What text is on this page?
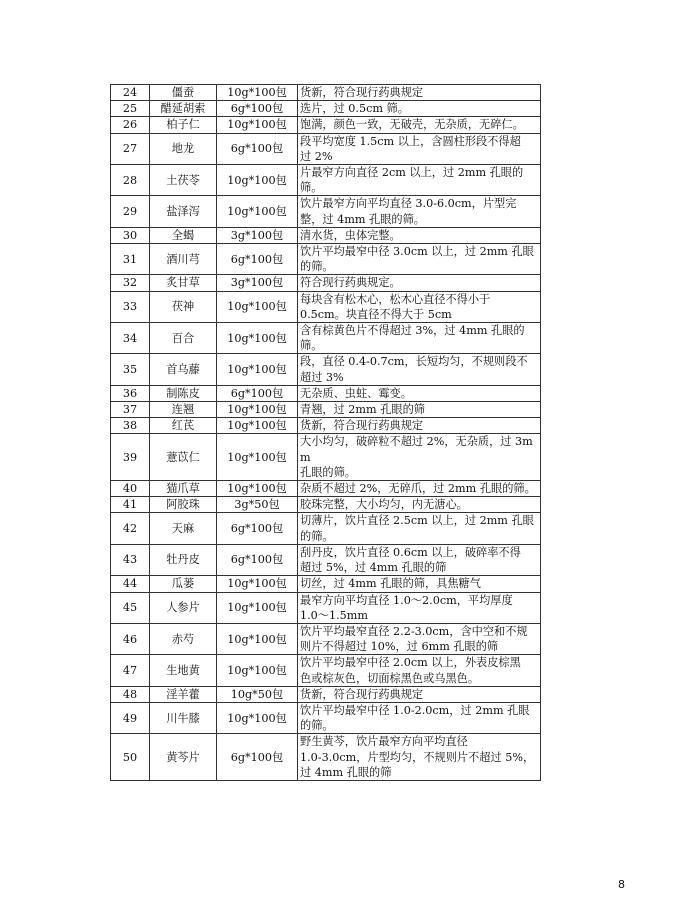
24	僵蚕	10g*100包	货新，符合现行药典规定
25	醋延胡索	6g*100包	选片，过 0.5cm 筛。
26	柏子仁	10g*100包	饱满，颜色一致，无破壳，无杂质，无碎仁。
27	地龙	6g*100包	段平均宽度 1.5cm 以上，含圆柱形段不得超
过 2%
28	土茯苓	10g*100包	片最窄方向直径 2cm 以上，过 2mm 孔眼的
筛。
29	盐泽泻	10g*100包	饮片最窄方向平均直径 3.0-6.0cm，片型完
整，过 4mm 孔眼的筛。
30	全蝎	3g*100包	清水货，虫体完整。
31	酒川芎	6g*100包	饮片平均最窄中径 3.0cm 以上，过 2mm 孔眼
的筛。
32	炙甘草	3g*100包	符合现行药典规定。
33	茯神	10g*100包	每块含有松木心，松木心直径不得小于
0.5cm。块直径不得大于 5cm
34	百合	10g*100包	含有棕黄色片不得超过 3%，过 4mm 孔眼的
筛。
35	首乌藤	10g*100包	段，直径 0.4-0.7cm，长短均匀，不规则段不
超过 3%
36	制陈皮	6g*100包	无杂质、虫蛀、霉变。
37	连翘	10g*100包	青翘，过 2mm 孔眼的筛
38	红芪	10g*100包	货新，符合现行药典规定
39	薏苡仁	10g*100包	大小均匀，破碎粒不超过 2%，无杂质，过 3mm
孔眼的筛。
40	猫爪草	10g*100包	杂质不超过 2%，无碎爪，过 2mm 孔眼的筛。
41	阿胶珠	3g*50包	胶珠完整，大小均匀，内无溏心。
42	天麻	6g*100包	切薄片，饮片直径 2.5cm 以上，过 2mm 孔眼
的筛。
43	牡丹皮	6g*100包	刮丹皮，饮片直径 0.6cm 以上，破碎率不得
超过 5%，过 4mm 孔眼的筛
44	瓜蒌	10g*100包	切丝，过 4mm 孔眼的筛，具焦糖气
45	人参片	10g*100包	最窄方向平均直径 1.0～2.0cm，平均厚度
1.0～1.5mm
46	赤芍	10g*100包	饮片平均最窄直径 2.2-3.0cm，含中空和不规
则片不得超过 10%，过 6mm 孔眼的筛
47	生地黄	10g*100包	饮片平均最窄中径 2.0cm 以上，外表皮棕黑
色或棕灰色，切面棕黑色或乌黑色。
48	淫羊藿	10g*50包	货新，符合现行药典规定
49	川牛膝	10g*100包	饮片平均最窄中径 1.0-2.0cm，过 2mm 孔眼
的筛。
50	黄芩片	6g*100包	野生黄芩，饮片最窄方向平均直径
1.0-3.0cm，片型均匀，不规则片不超过 5%，
过 4mm 孔眼的筛
8
